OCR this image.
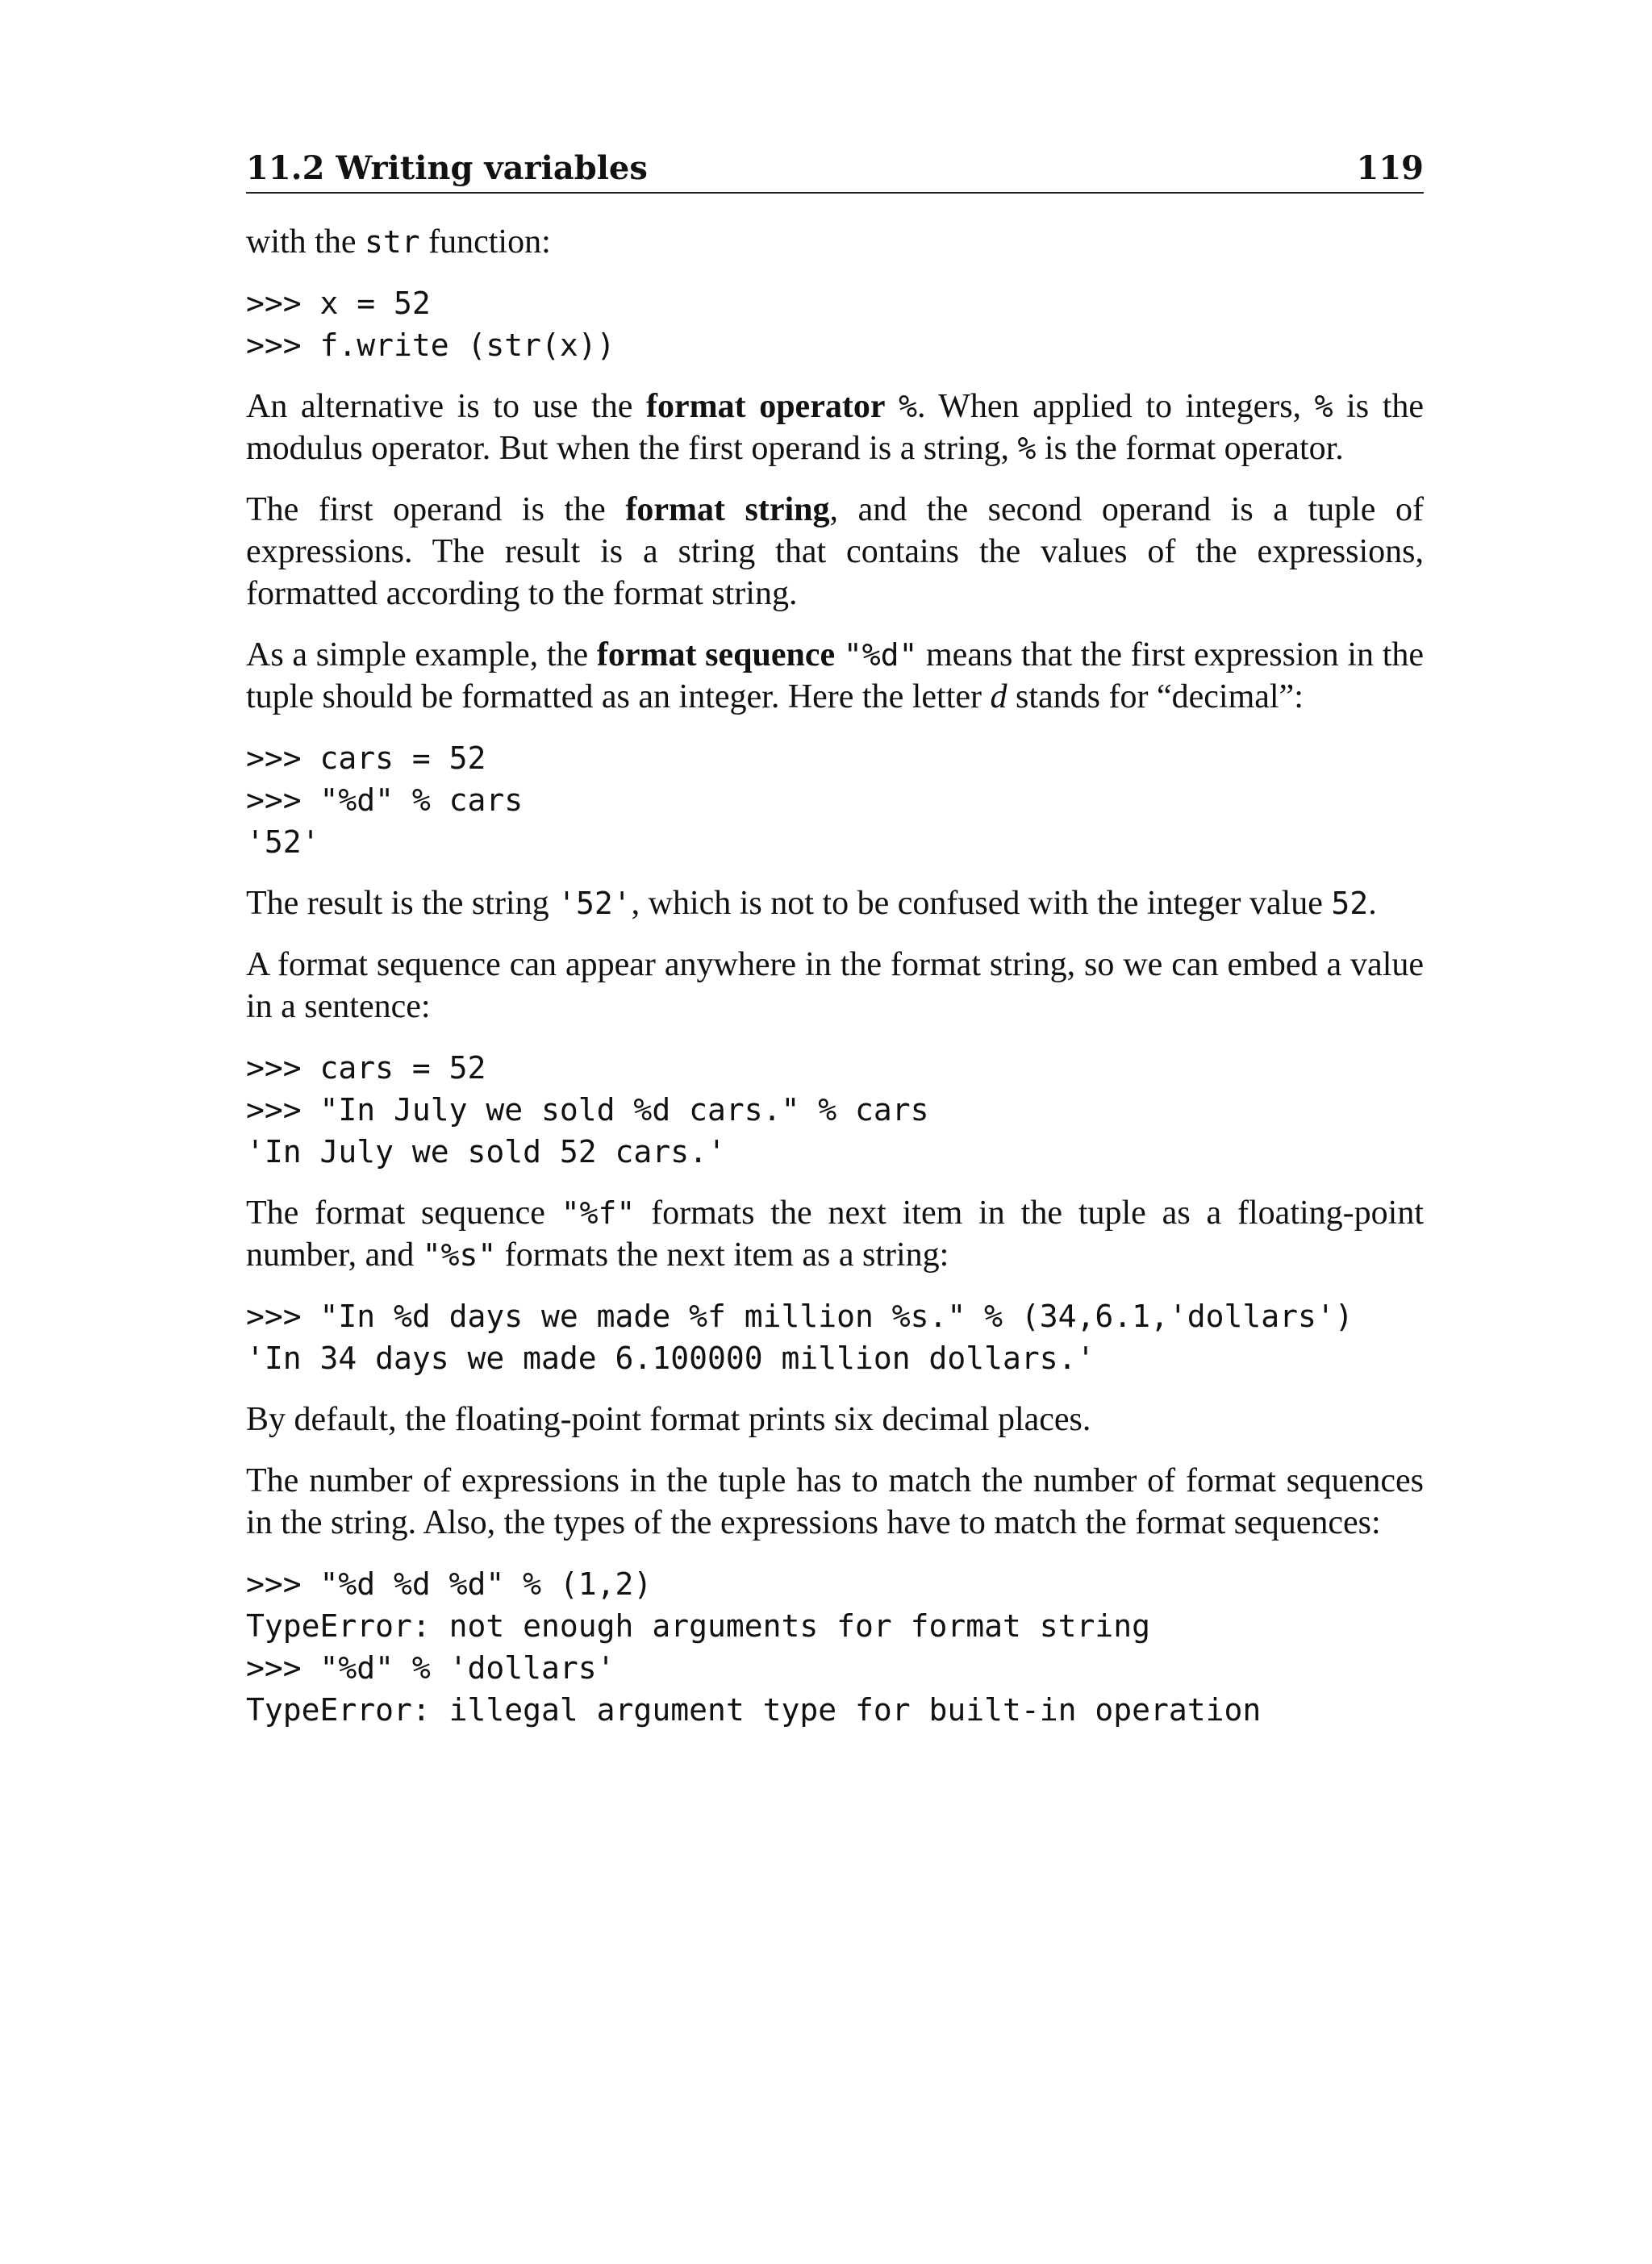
11.2 Writing variables	119

with the str function:

>>> x = 52
>>> f.write (str(x))

An alternative is to use the format operator %. When applied to integers, % is the modulus operator. But when the first operand is a string, % is the format operator.

The first operand is the format string, and the second operand is a tuple of expressions. The result is a string that contains the values of the expressions, formatted according to the format string.

As a simple example, the format sequence "%d" means that the first expression in the tuple should be formatted as an integer. Here the letter d stands for “decimal”:

>>> cars = 52
>>> "%d" % cars
'52'

The result is the string '52', which is not to be confused with the integer value 52.

A format sequence can appear anywhere in the format string, so we can embed a value in a sentence:

>>> cars = 52
>>> "In July we sold %d cars." % cars
'In July we sold 52 cars.'

The format sequence "%f" formats the next item in the tuple as a floating-point number, and "%s" formats the next item as a string:

>>> "In %d days we made %f million %s." % (34,6.1,'dollars')
'In 34 days we made 6.100000 million dollars.'

By default, the floating-point format prints six decimal places.

The number of expressions in the tuple has to match the number of format sequences in the string. Also, the types of the expressions have to match the format sequences:

>>> "%d %d %d" % (1,2)
TypeError: not enough arguments for format string
>>> "%d" % 'dollars'
TypeError: illegal argument type for built-in operation
